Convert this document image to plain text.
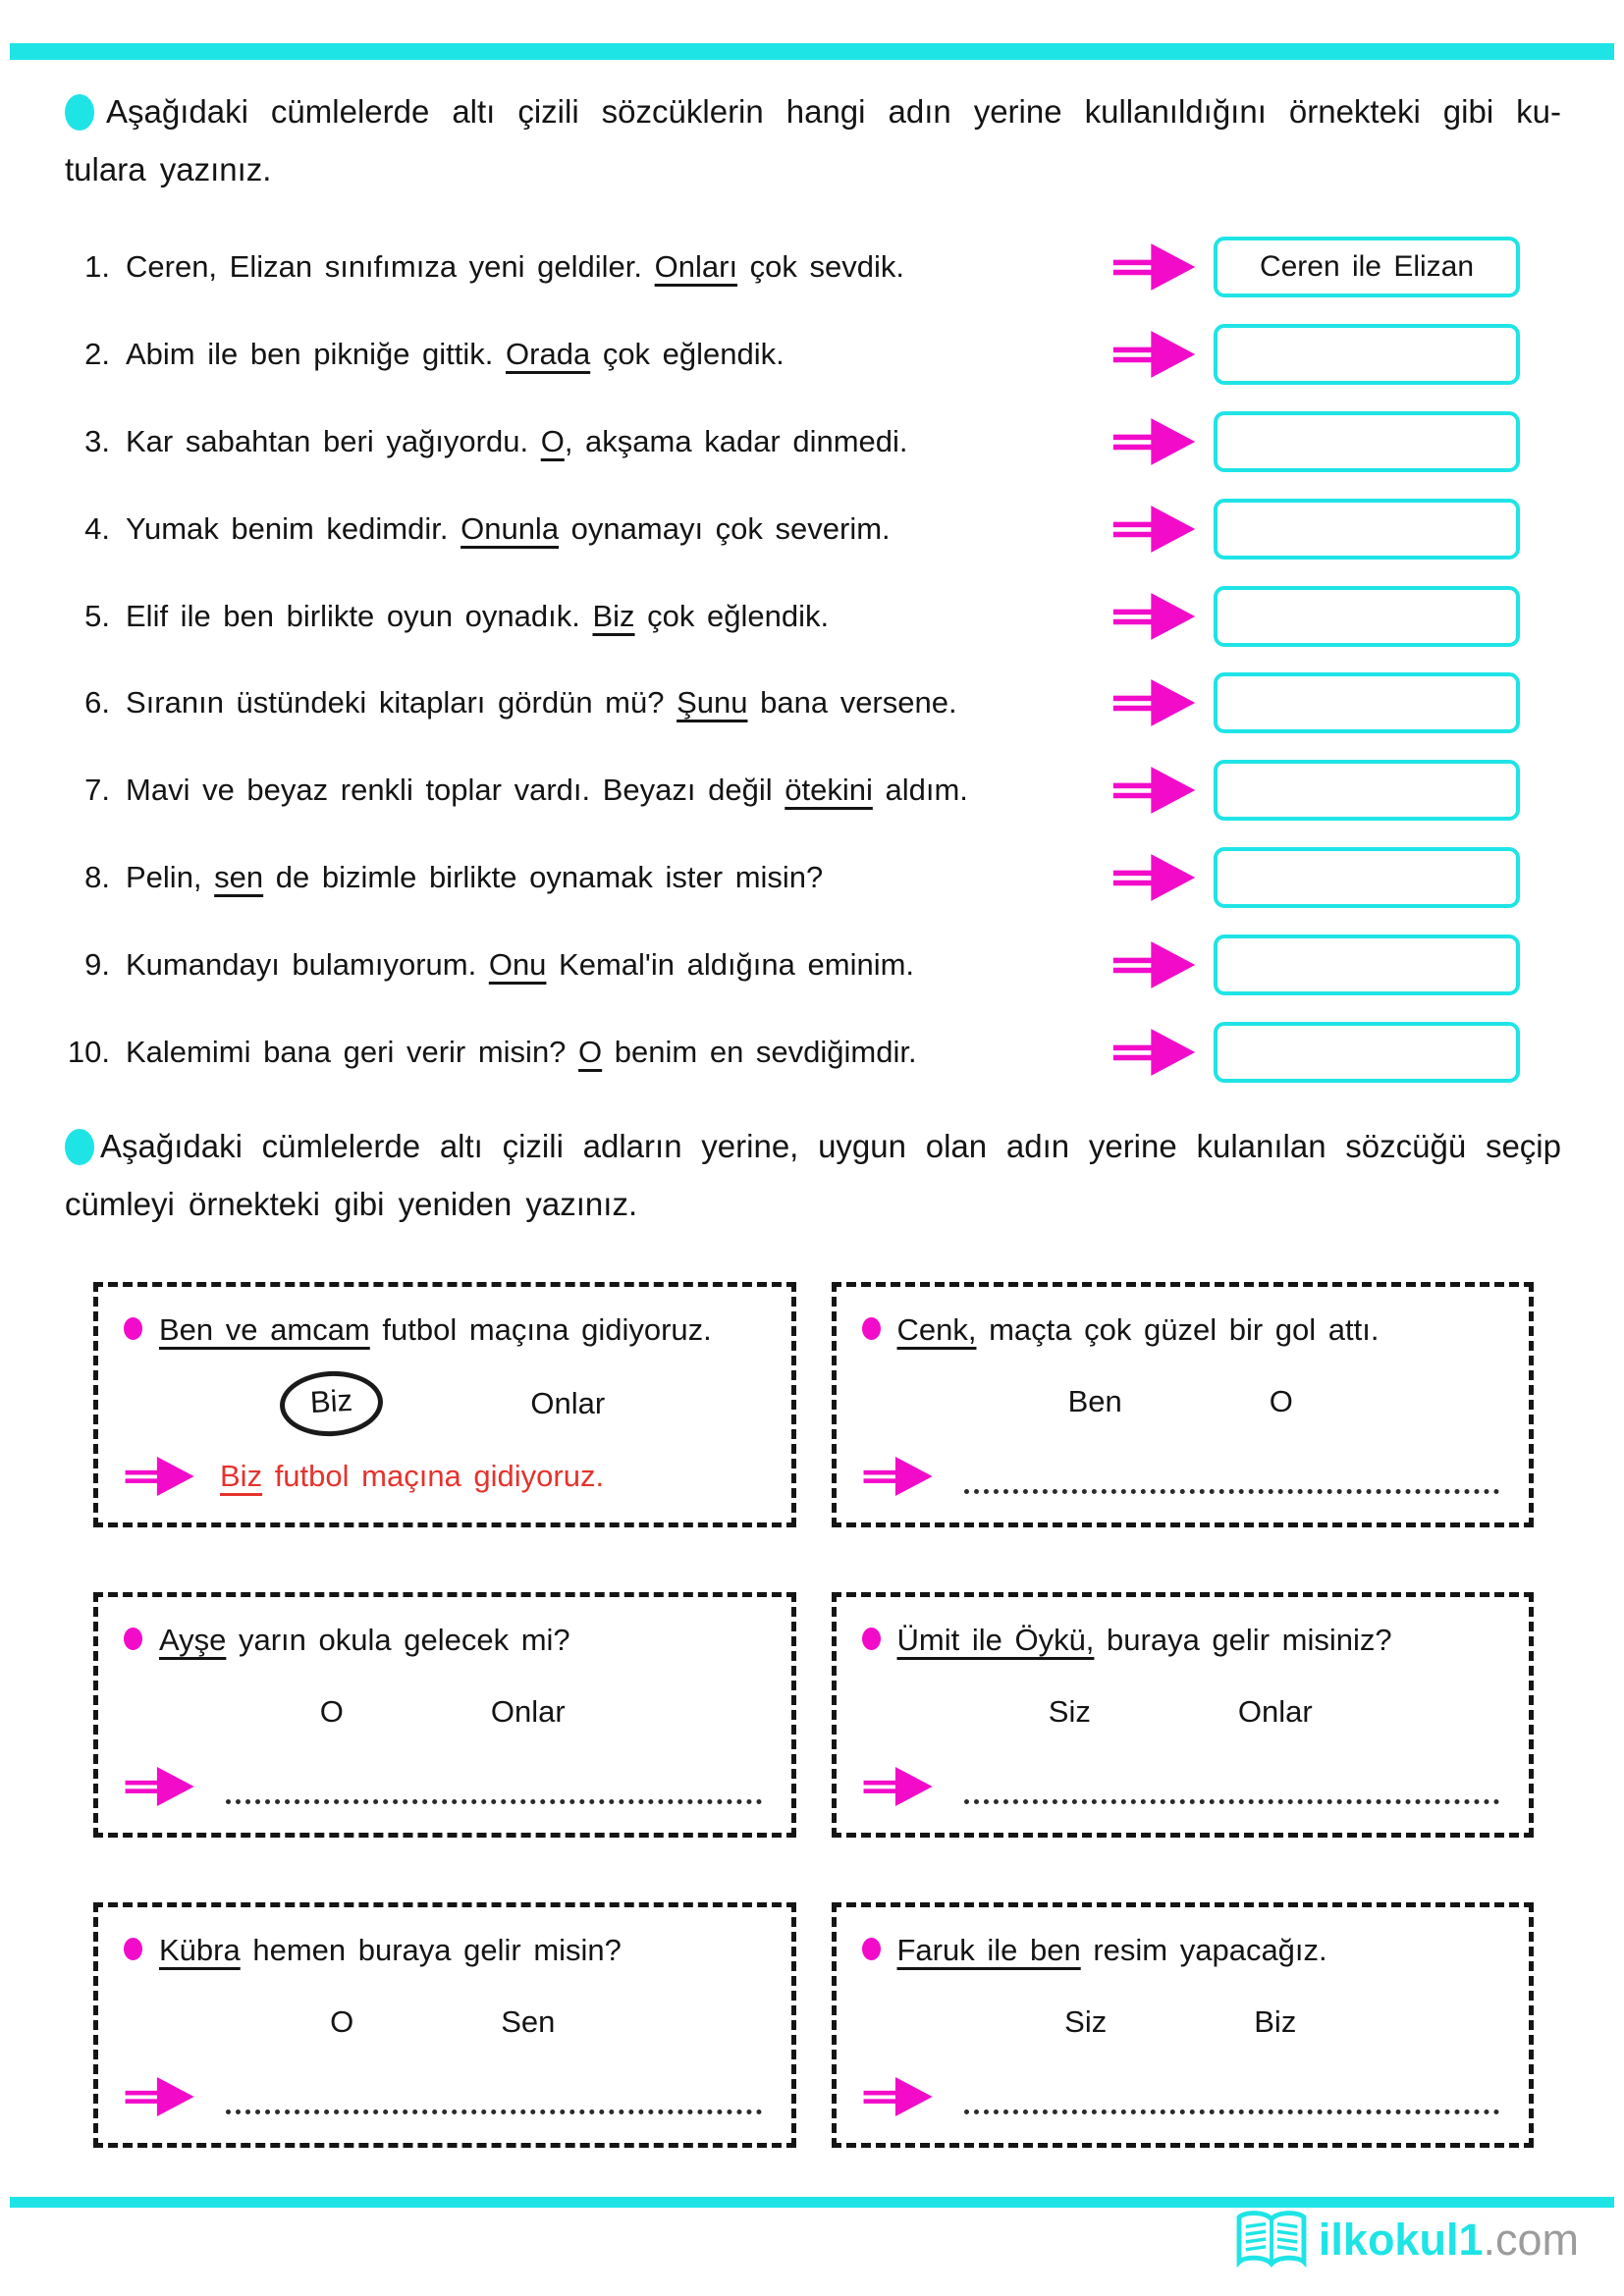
Aşağıdaki cümlelerde altı çizili sözcüklerin hangi adın yerine kullanıldığını örnekteki gibi ku-
tulara yazınız.
1. Ceren, Elizan sınıfımıza yeni geldiler. Onları çok sevdik.	Ceren ile Elizan
2. Abim ile ben pikniğe gittik. Orada çok eğlendik.

3. Kar sabahtan beri yağıyordu. O, akşama kadar dinmedi.

4. Yumak benim kedimdir. Onunla oynamayı çok severim.

5. Elif ile ben birlikte oyun oynadık. Biz çok eğlendik.

6. Sıranın üstündeki kitapları gördün mü? Şunu bana versene.

7. Mavi ve beyaz renkli toplar vardı. Beyazı değil ötekini aldım.

8. Pelin, sen de bizimle birlikte oynamak ister misin?

9. Kumandayı bulamıyorum. Onu Kemal'in aldığına eminim.

10. Kalemimi bana geri verir misin? O benim en sevdiğimdir.

Aşağıdaki cümlelerde altı çizili adların yerine, uygun olan adın yerine kulanılan sözcüğü seçip
cümleyi örnekteki gibi yeniden yazınız.

Ben ve amcam futbol maçına gidiyoruz.

Biz	Onlar

Biz futbol maçına gidiyoruz.

Cenk, maçta çok güzel bir gol attı.

Ben	O

Ayşe yarın okula gelecek mi?

O	Onlar

Ümit ile Öykü, buraya gelir misiniz?

Siz	Onlar

Kübra hemen buraya gelir misin?

O	Sen

Faruk ile ben resim yapacağız.

Siz	Biz
ilkokul1.com
